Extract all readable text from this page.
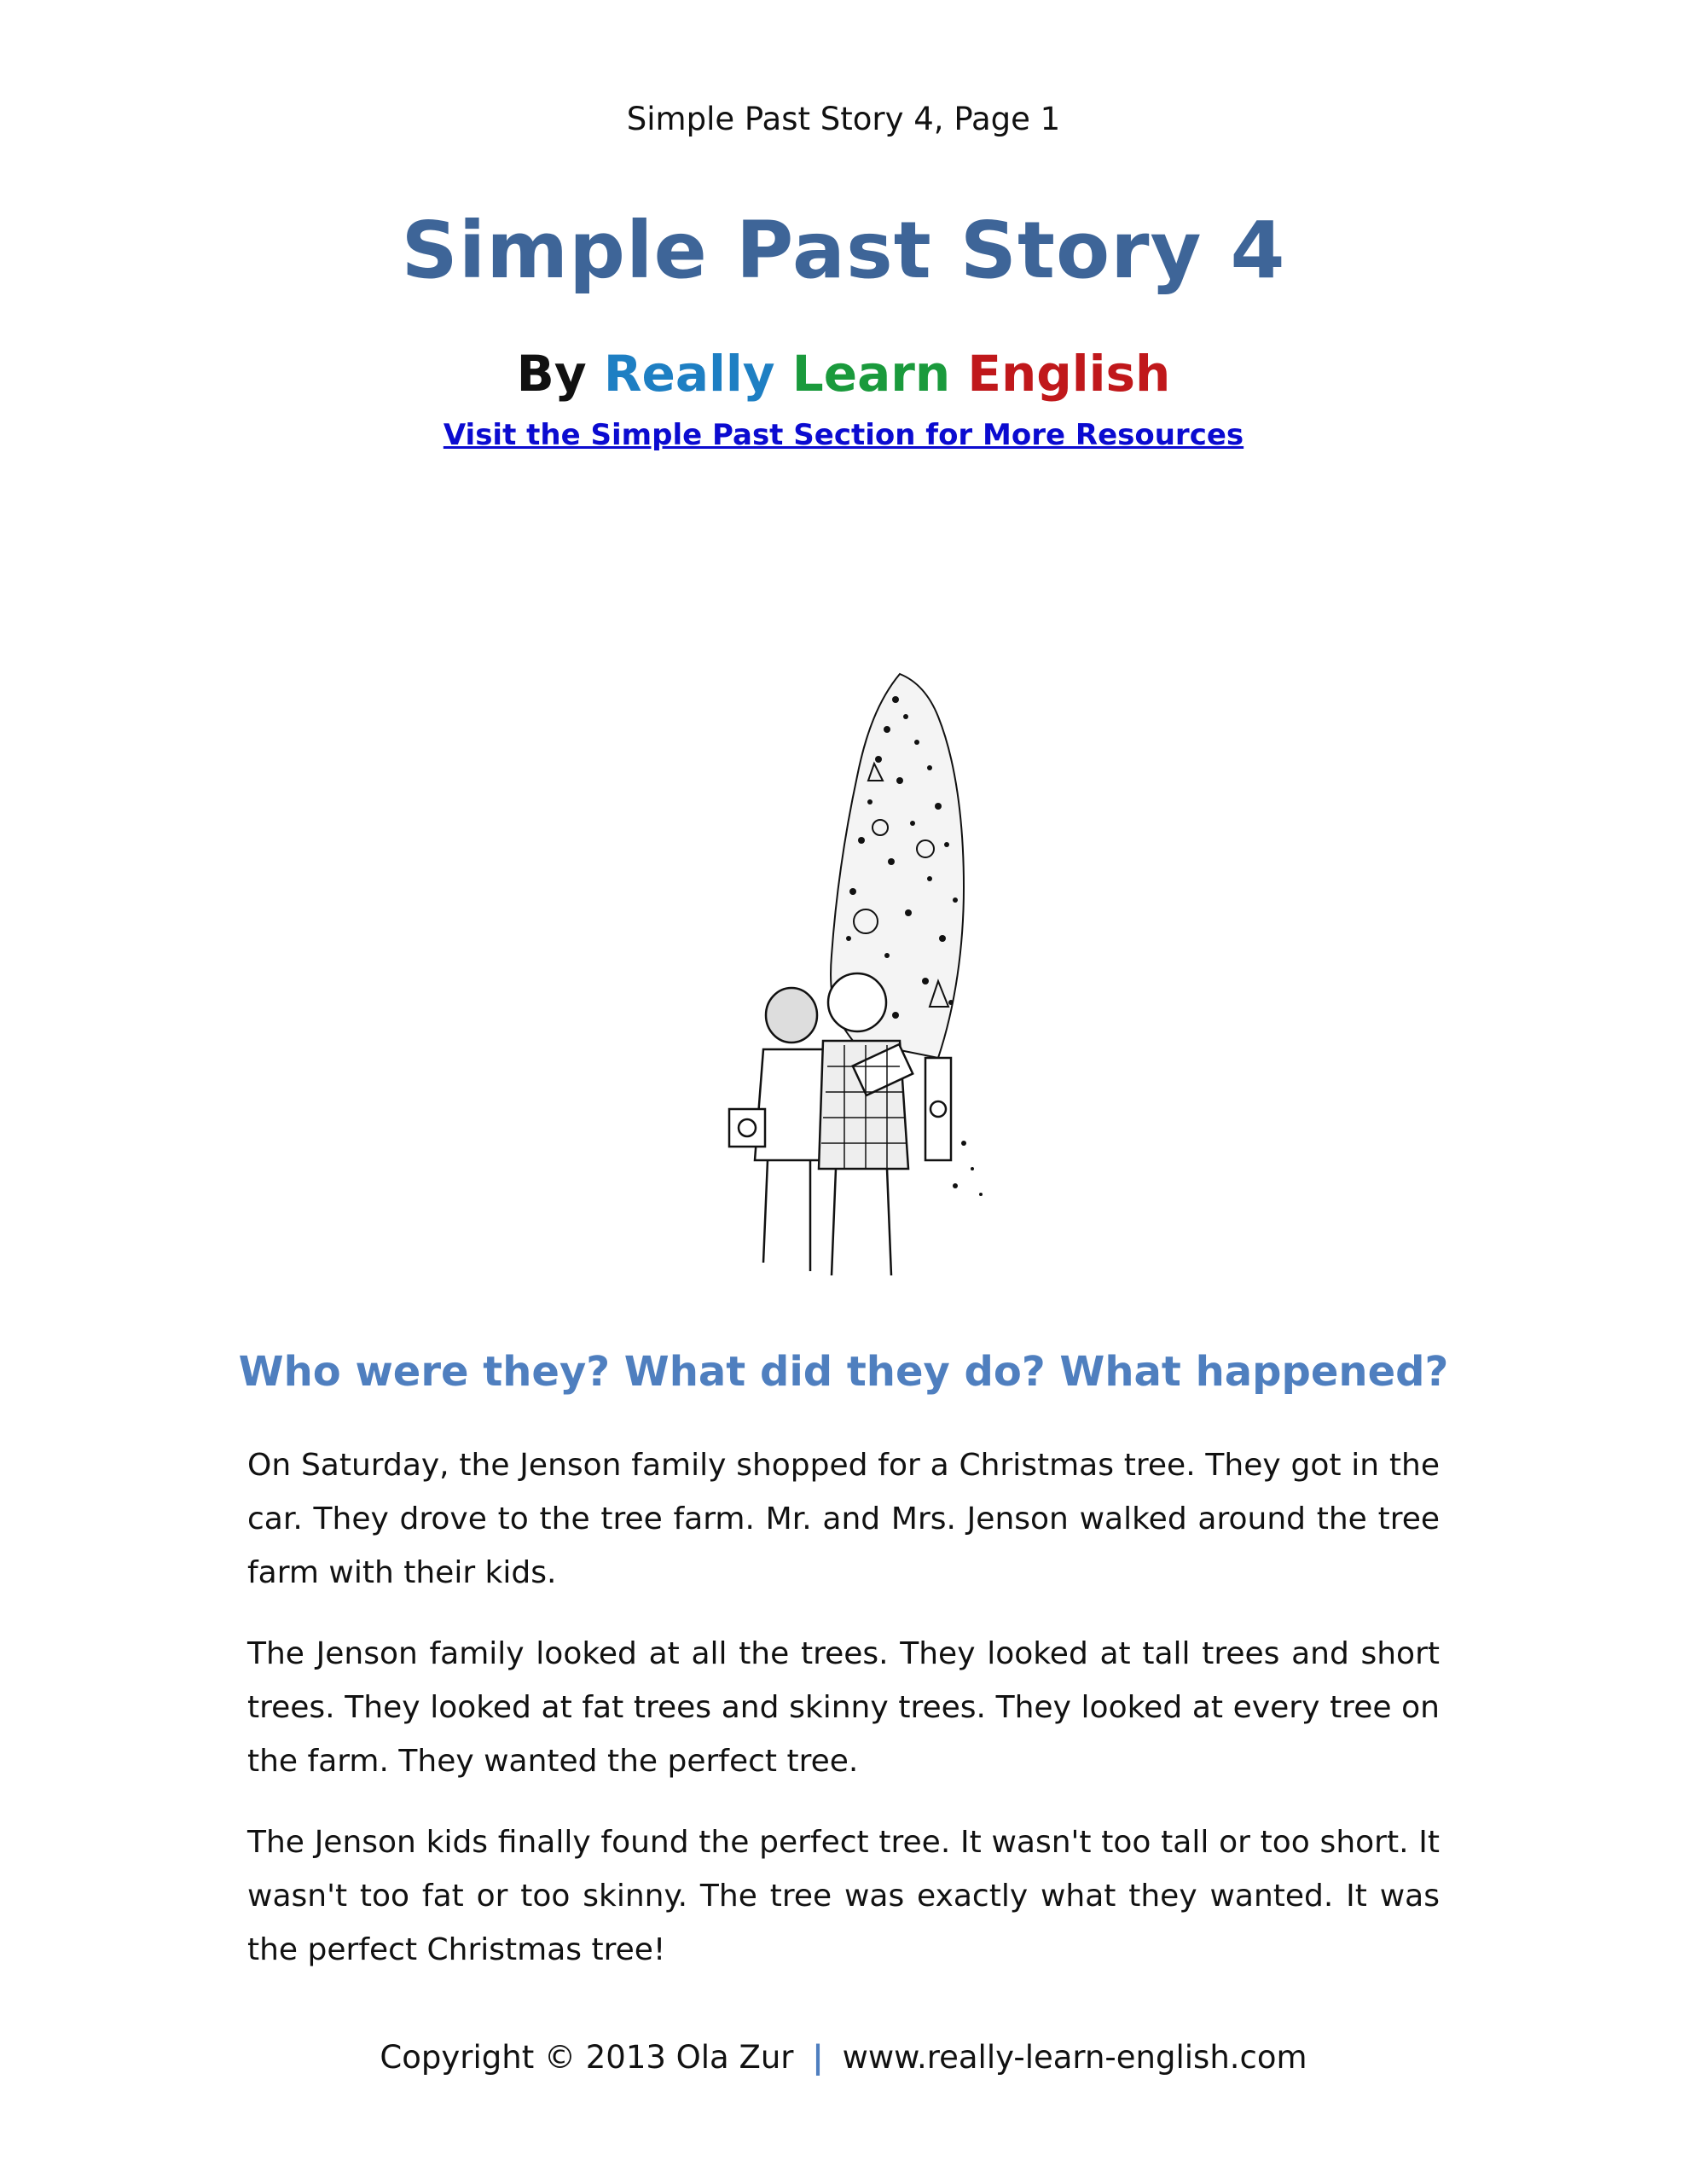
Simple Past Story 4, Page 1
Simple Past Story 4
By Really Learn English
Visit the Simple Past Section for More Resources
Who were they? What did they do? What happened?

On Saturday, the Jenson family shopped for a Christmas tree. They got in the car. They drove to the tree farm. Mr. and Mrs. Jenson walked around the tree farm with their kids.

The Jenson family looked at all the trees. They looked at tall trees and short trees. They looked at fat trees and skinny trees. They looked at every tree on the farm. They wanted the perfect tree.

The Jenson kids finally found the perfect tree. It wasn't too tall or too short. It wasn't too fat or too skinny. The tree was exactly what they wanted. It was the perfect Christmas tree!

Copyright © 2013 Ola Zur | www.really-learn-english.com
